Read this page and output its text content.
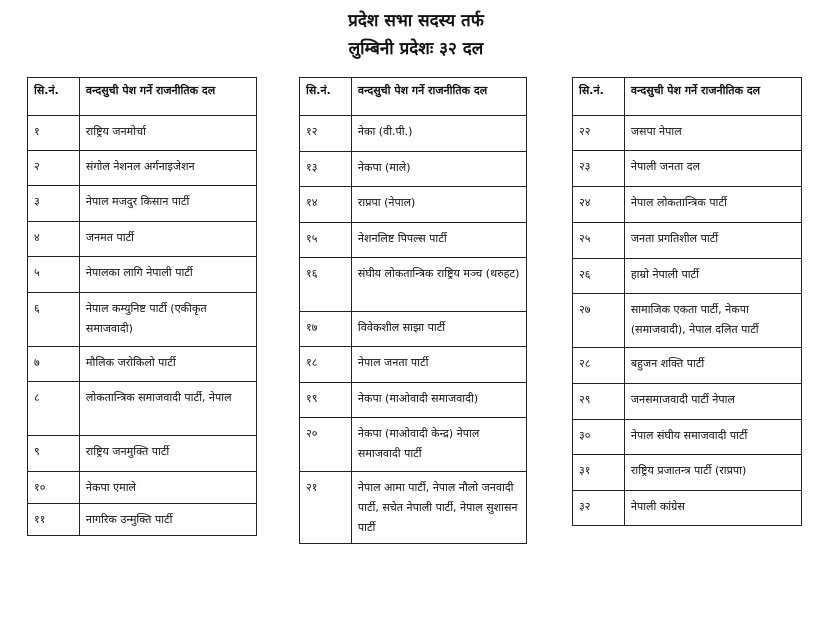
प्रदेश सभा सदस्य तर्फ
लुम्बिनी प्रदेशः ३२ दल
सि.नं.	वन्दसुची पेश गर्ने राजनीतिक दल
१	राष्ट्रिय जनमोर्चा
२	संगोल नेशनल अर्गनाइजेशन
३	नेपाल मजदुर किसान पार्टी
४	जनमत पार्टी
५	नेपालका लागि नेपाली पार्टी
६	नेपाल कम्युनिष्ट पार्टी (एकीकृत समाजवादी)
७	मौलिक जरोकिलो पार्टी
८	लोकतान्त्रिक समाजवादी पार्टी, नेपाल
९	राष्ट्रिय जनमुक्ति पार्टी
१०	नेकपा एमाले
११	नागरिक उन्मुक्ति पार्टी
सि.नं.	वन्दसुची पेश गर्ने राजनीतिक दल
१२	नेका (वी.पी.)
१३	नेकपा (माले)
१४	राप्रपा (नेपाल)
१५	नेशनलिष्ट पिपल्स पार्टी
१६	संघीय लोकतान्त्रिक राष्ट्रिय मञ्च (थरुहट)
१७	विवेकशील साझा पार्टी
१८	नेपाल जनता पार्टी
१९	नेकपा (माओवादी समाजवादी)
२०	नेकपा (माओवादी केन्द्र) नेपाल समाजवादी पार्टी
२१	नेपाल आमा पार्टी, नेपाल नौलो जनवादी पार्टी, सचेत नेपाली पार्टी, नेपाल सुशासन पार्टी
सि.नं.	वन्दसुची पेश गर्ने राजनीतिक दल
२२	जसपा नेपाल
२३	नेपाली जनता दल
२४	नेपाल लोकतान्त्रिक पार्टी
२५	जनता प्रगतिशील पार्टी
२६	हाम्रो नेपाली पार्टी
२७	सामाजिक एकता पार्टी, नेकपा (समाजवादी), नेपाल दलित पार्टी
२८	बहुजन शक्ति पार्टी
२९	जनसमाजवादी पार्टी नेपाल
३०	नेपाल संघीय समाजवादी पार्टी
३१	राष्ट्रिय प्रजातन्त्र पार्टी (राप्रपा)
३२	नेपाली कांग्रेस
